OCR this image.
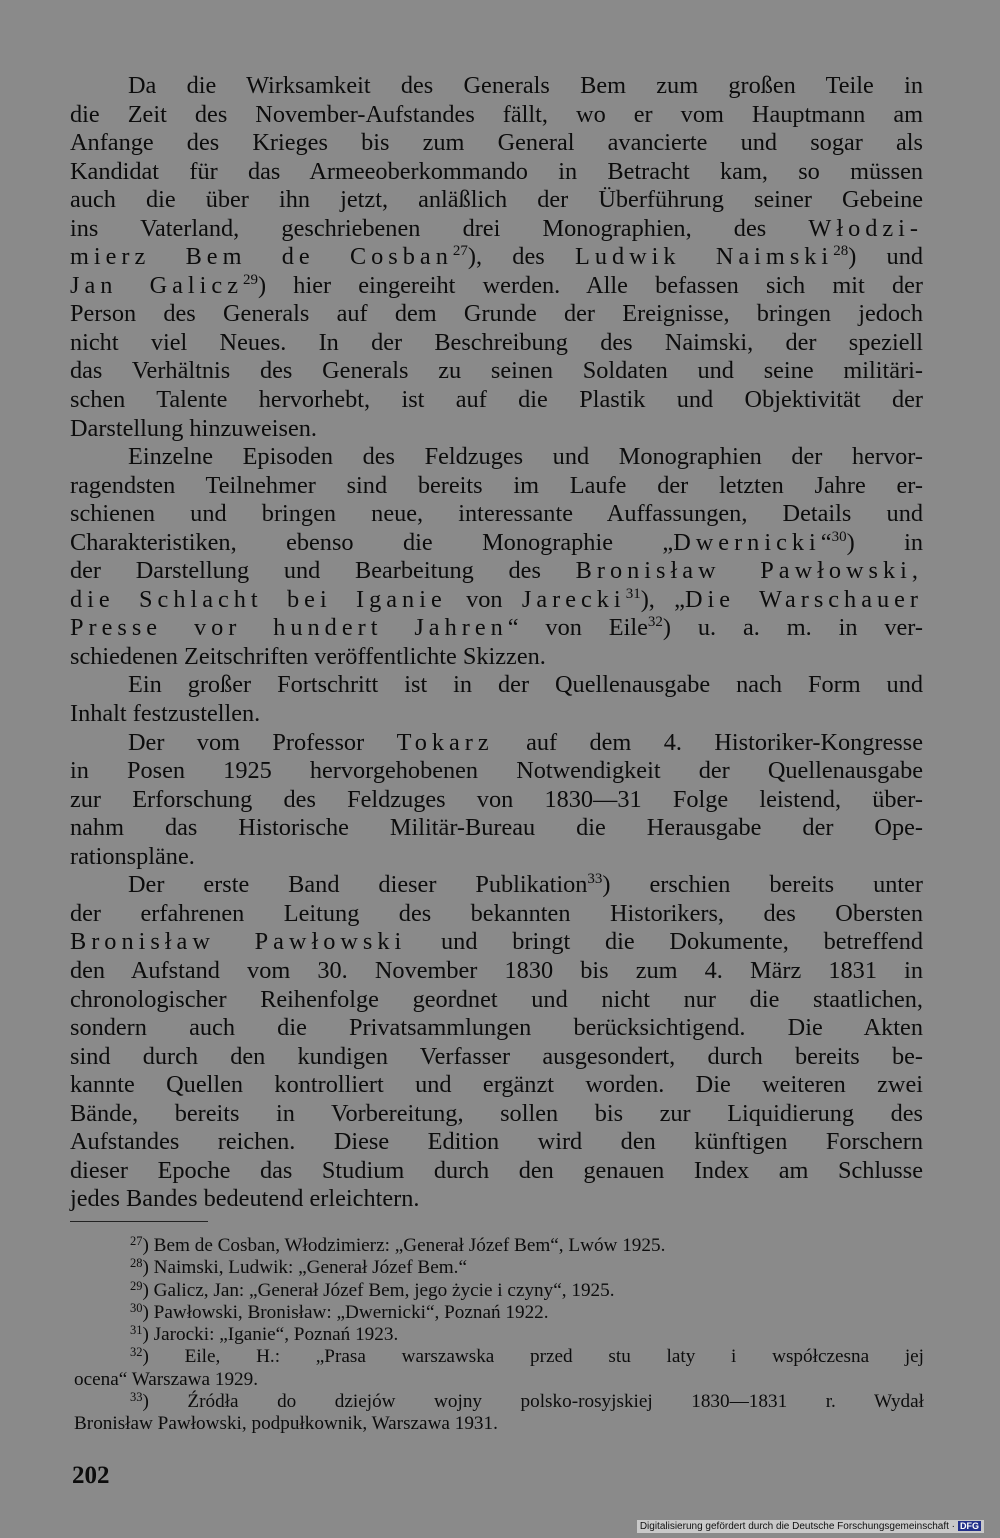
Da die Wirksamkeit des Generals Bem zum großen Teile in
die Zeit des November-Aufstandes fällt, wo er vom Hauptmann am
Anfange des Krieges bis zum General avancierte und sogar als
Kandidat für das Armeeoberkommando in Betracht kam, so müssen
auch die über ihn jetzt, anläßlich der Überführung seiner Gebeine
ins Vaterland, geschriebenen drei Monographien, des Włodzi-
mierz Bem de Cosban$^{27}$), des Ludwik Naimski$^{28}$) und
Jan Galicz$^{29}$) hier eingereiht werden. Alle befassen sich mit der
Person des Generals auf dem Grunde der Ereignisse, bringen jedoch
nicht viel Neues. In der Beschreibung des Naimski, der speziell
das Verhältnis des Generals zu seinen Soldaten und seine militäri-
schen Talente hervorhebt, ist auf die Plastik und Objektivität der
Darstellung hinzuweisen.
Einzelne Episoden des Feldzuges und Monographien der hervor-
ragendsten Teilnehmer sind bereits im Laufe der letzten Jahre er-
schienen und bringen neue, interessante Auffassungen, Details und
Charakteristiken, ebenso die Monographie „Dwernicki“$^{30}$) in
der Darstellung und Bearbeitung des Bronisław Pawłowski,
die Schlacht bei Iganie von Jarecki$^{31}$), „Die Warschauer
Presse vor hundert Jahren“ von Eile$^{32}$) u. a. m. in ver-
schiedenen Zeitschriften veröffentlichte Skizzen.
Ein großer Fortschritt ist in der Quellenausgabe nach Form und
Inhalt festzustellen.
Der vom Professor Tokarz auf dem 4. Historiker-Kongresse
in Posen 1925 hervorgehobenen Notwendigkeit der Quellenausgabe
zur Erforschung des Feldzuges von 1830—31 Folge leistend, über-
nahm das Historische Militär-Bureau die Herausgabe der Ope-
rationspläne.
Der erste Band dieser Publikation$^{33}$) erschien bereits unter
der erfahrenen Leitung des bekannten Historikers, des Obersten
Bronisław Pawłowski und bringt die Dokumente, betreffend
den Aufstand vom 30. November 1830 bis zum 4. März 1831 in
chronologischer Reihenfolge geordnet und nicht nur die staatlichen,
sondern auch die Privatsammlungen berücksichtigend. Die Akten
sind durch den kundigen Verfasser ausgesondert, durch bereits be-
kannte Quellen kontrolliert und ergänzt worden. Die weiteren zwei
Bände, bereits in Vorbereitung, sollen bis zur Liquidierung des
Aufstandes reichen. Diese Edition wird den künftigen Forschern
dieser Epoche das Studium durch den genauen Index am Schlusse
jedes Bandes bedeutend erleichtern.
$^{27}$) Bem de Cosban, Włodzimierz: „Generał Józef Bem“, Lwów 1925.
$^{28}$) Naimski, Ludwik: „Generał Józef Bem.“
$^{29}$) Galicz, Jan: „Generał Józef Bem, jego życie i czyny“, 1925.
$^{30}$) Pawłowski, Bronisław: „Dwernicki“, Poznań 1922.
$^{31}$) Jarocki: „Iganie“, Poznań 1923.
$^{32}$) Eile, H.: „Prasa warszawska przed stu laty i współczesna jej
ocena“ Warszawa 1929.
$^{33}$) Źródła do dziejów wojny polsko-rosyjskiej 1830—1831 r. Wydał
Bronisław Pawłowski, podpułkownik, Warszawa 1931.
202
Digitalisierung gefördert durch die Deutsche Forschungsgemeinschaft · DFG
